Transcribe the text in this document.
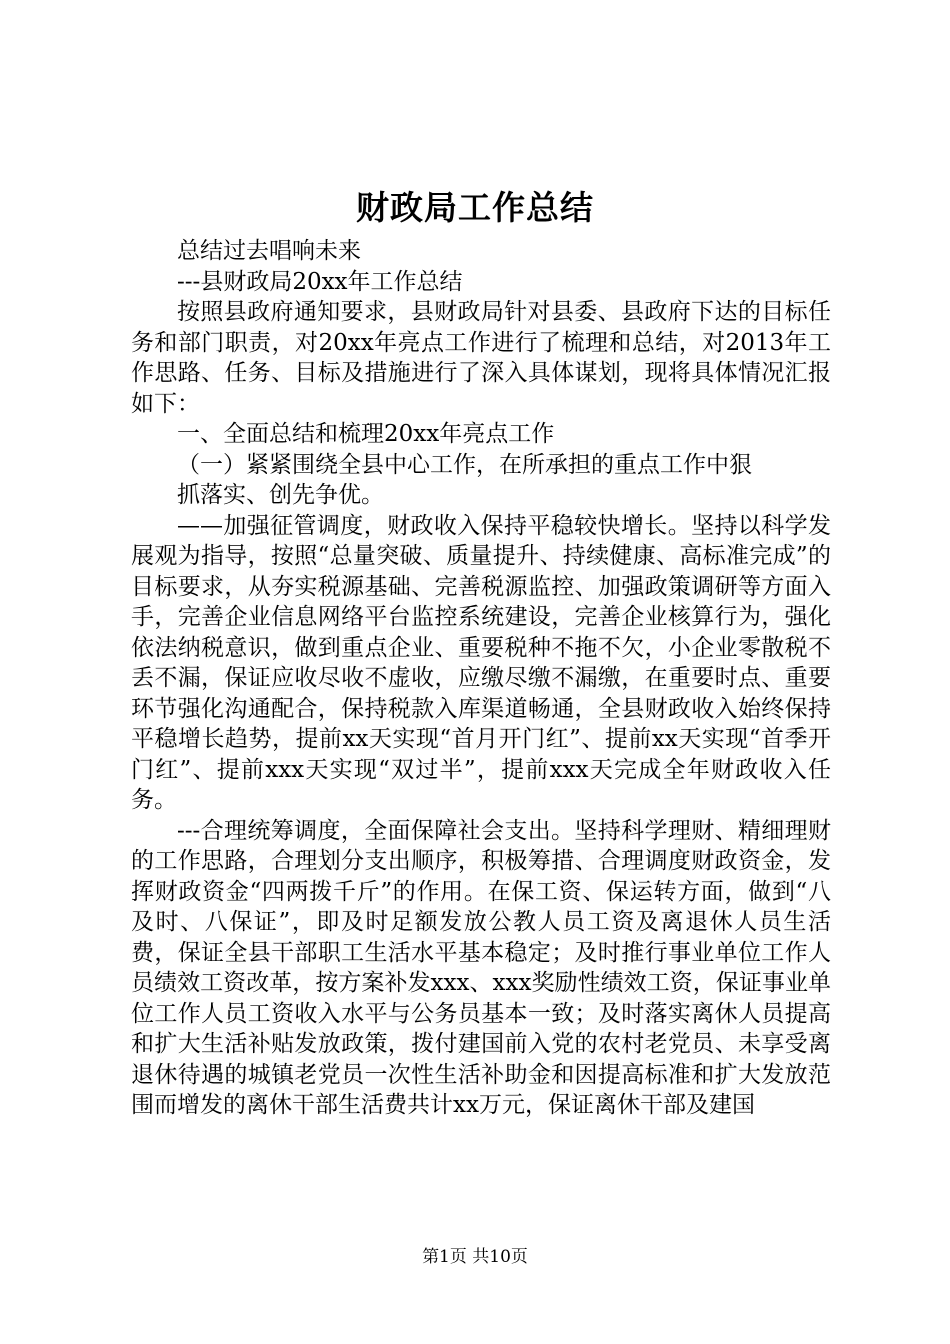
财政局工作总结

总结过去唱响未来

---县财政局20xx年工作总结

按照县政府通知要求，县财政局针对县委、县政府下达的目标任务和部门职责，对20xx年亮点工作进行了梳理和总结，对2013年工作思路、任务、目标及措施进行了深入具体谋划，现将具体情况汇报如下：

一、全面总结和梳理20xx年亮点工作

（一）紧紧围绕全县中心工作，在所承担的重点工作中狠

抓落实、创先争优。

——加强征管调度，财政收入保持平稳较快增长。坚持以科学发展观为指导，按照“总量突破、质量提升、持续健康、高标准完成”的目标要求，从夯实税源基础、完善税源监控、加强政策调研等方面入手，完善企业信息网络平台监控系统建设，完善企业核算行为，强化依法纳税意识，做到重点企业、重要税种不拖不欠，小企业零散税不丢不漏，保证应收尽收不虚收，应缴尽缴不漏缴，在重要时点、重要环节强化沟通配合，保持税款入库渠道畅通，全县财政收入始终保持平稳增长趋势，提前xx天实现“首月开门红”、提前xx天实现“首季开门红”、提前xxx天实现“双过半”，提前xxx天完成全年财政收入任务。

---合理统筹调度，全面保障社会支出。坚持科学理财、精细理财的工作思路，合理划分支出顺序，积极筹措、合理调度财政资金，发挥财政资金“四两拨千斤”的作用。在保工资、保运转方面，做到“八及时、八保证”，即及时足额发放公教人员工资及离退休人员生活费，保证全县干部职工生活水平基本稳定；及时推行事业单位工作人员绩效工资改革，按方案补发xxx、xxx奖励性绩效工资，保证事业单位工作人员工资收入水平与公务员基本一致；及时落实离休人员提高和扩大生活补贴发放政策，拨付建国前入党的农村老党员、未享受离退休待遇的城镇老党员一次性生活补助金和因提高标准和扩大发放范围而增发的离休干部生活费共计xx万元，保证离休干部及建国

第1页 共10页
